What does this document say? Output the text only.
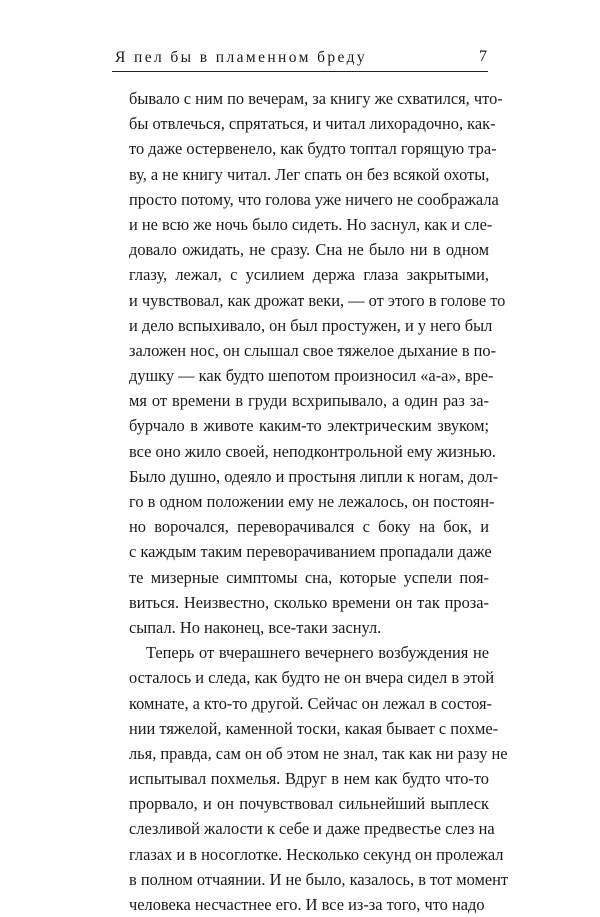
Я пел бы в пламенном бреду	7
бывало с ним по вечерам, за книгу же схватился, что-
бы отвлечься, спрятаться, и читал лихорадочно, как-
то даже остервенело, как будто топтал горящую тра-
ву, а не книгу читал. Лег спать он без всякой охоты,
просто потому, что голова уже ничего не соображала
и не всю же ночь было сидеть. Но заснул, как и сле-
довало ожидать, не сразу. Сна не было ни в одном
глазу, лежал, с усилием держа глаза закрытыми,
и чувствовал, как дрожат веки, — от этого в голове то
и дело вспыхивало, он был простужен, и у него был
заложен нос, он слышал свое тяжелое дыхание в по-
душку — как будто шепотом произносил «а-а», вре-
мя от времени в груди всхрипывало, а один раз за-
бурчало в животе каким-то электрическим звуком;
все оно жило своей, неподконтрольной ему жизнью.
Было душно, одеяло и простыня липли к ногам, дол-
го в одном положении ему не лежалось, он постоян-
но ворочался, переворачивался с боку на бок, и
с каждым таким переворачиванием пропадали даже
те мизерные симптомы сна, которые успели поя-
виться. Неизвестно, сколько времени он так проза-
сыпал. Но наконец, все-таки заснул.
Теперь от вчерашнего вечернего возбуждения не
осталось и следа, как будто не он вчера сидел в этой
комнате, а кто-то другой. Сейчас он лежал в состоя-
нии тяжелой, каменной тоски, какая бывает с похме-
лья, правда, сам он об этом не знал, так как ни разу не
испытывал похмелья. Вдруг в нем как будто что-то
прорвало, и он почувствовал сильнейший выплеск
слезливой жалости к себе и даже предвестье слез на
глазах и в носоглотке. Несколько секунд он пролежал
в полном отчаянии. И не было, казалось, в тот момент
человека несчастнее его. И все из-за того, что надо
